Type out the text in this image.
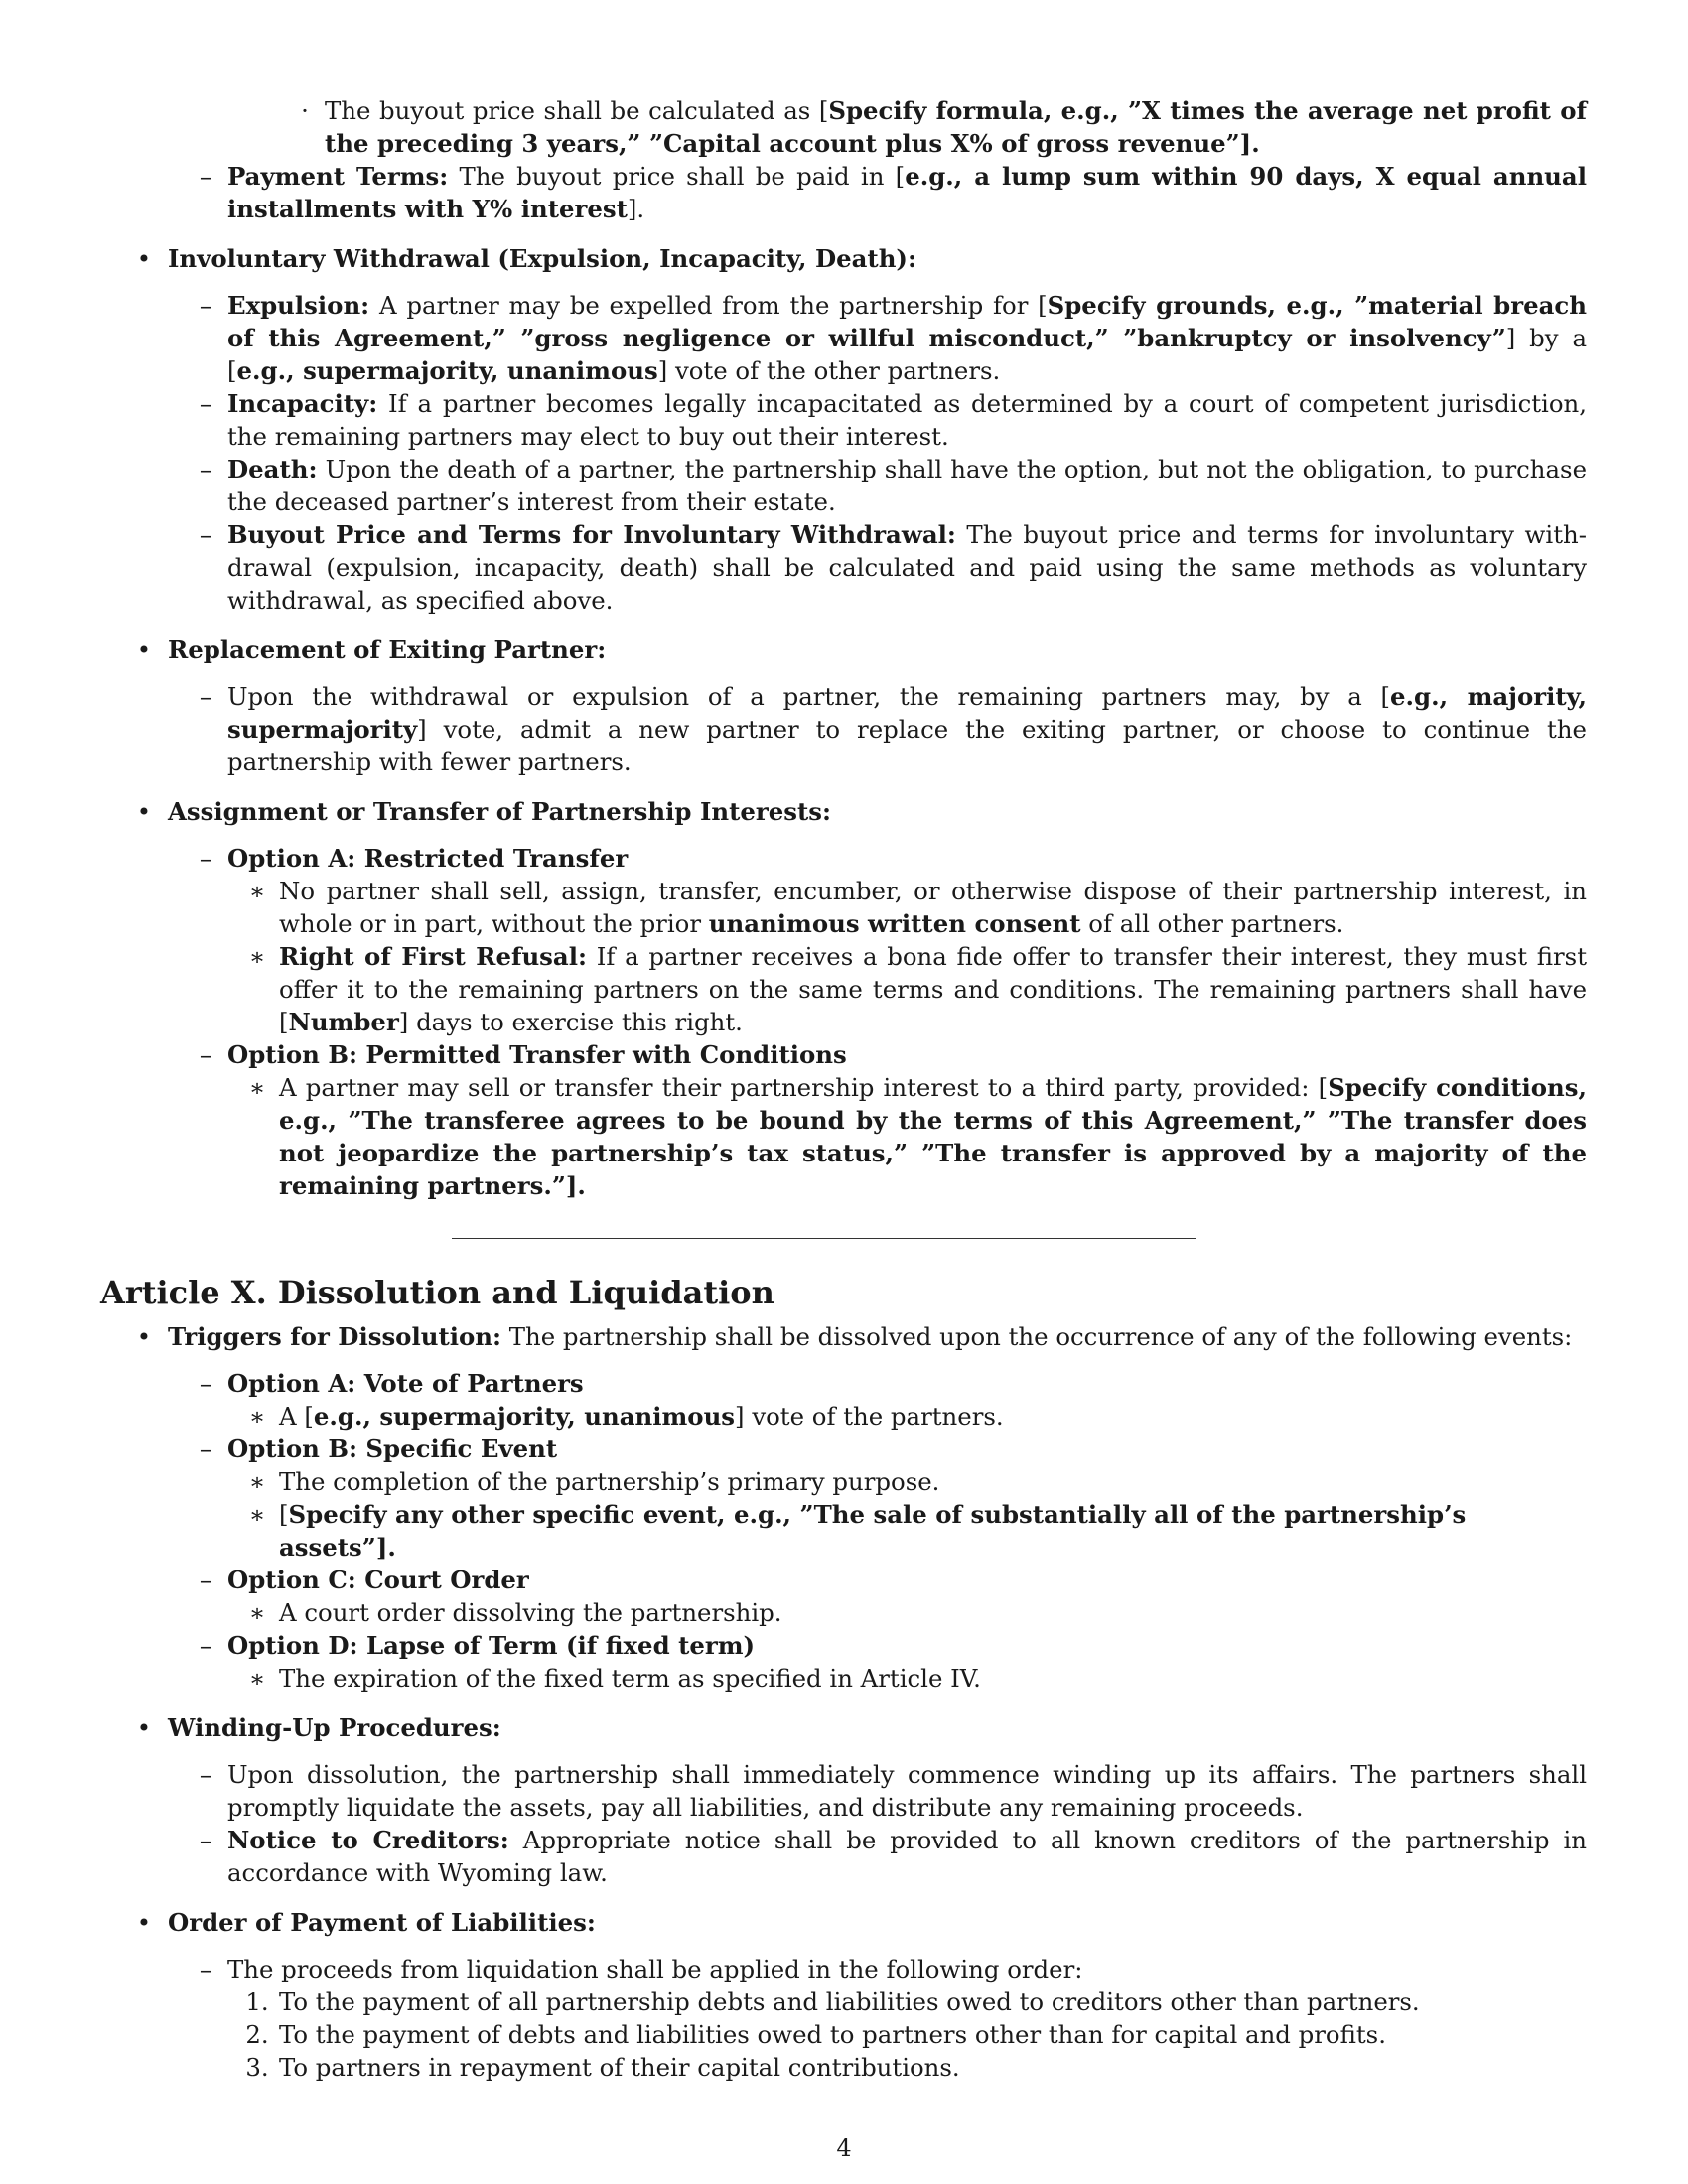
· The buyout price shall be calculated as [Specify formula, e.g., ”X times the average net profit of the preceding 3 years,” ”Capital account plus X% of gross revenue”].
– Payment Terms: The buyout price shall be paid in [e.g., a lump sum within 90 days, X equal annual installments with Y% interest].
• Involuntary Withdrawal (Expulsion, Incapacity, Death):
– Expulsion: A partner may be expelled from the partnership for [Specify grounds, e.g., ”material breach of this Agreement,” ”gross negligence or willful misconduct,” ”bankruptcy or insolvency”] by a [e.g., supermajority, unanimous] vote of the other partners.
– Incapacity: If a partner becomes legally incapacitated as determined by a court of competent jurisdiction, the remaining partners may elect to buy out their interest.
– Death: Upon the death of a partner, the partnership shall have the option, but not the obligation, to purchase the deceased partner’s interest from their estate.
– Buyout Price and Terms for Involuntary Withdrawal: The buyout price and terms for involuntary withdrawal (expulsion, incapacity, death) shall be calculated and paid using the same methods as voluntary withdrawal, as specified above.
• Replacement of Exiting Partner:
– Upon the withdrawal or expulsion of a partner, the remaining partners may, by a [e.g., majority, supermajority] vote, admit a new partner to replace the exiting partner, or choose to continue the partnership with fewer partners.
• Assignment or Transfer of Partnership Interests:
– Option A: Restricted Transfer
∗ No partner shall sell, assign, transfer, encumber, or otherwise dispose of their partnership interest, in whole or in part, without the prior unanimous written consent of all other partners.
∗ Right of First Refusal: If a partner receives a bona fide offer to transfer their interest, they must first offer it to the remaining partners on the same terms and conditions. The remaining partners shall have [Number] days to exercise this right.
– Option B: Permitted Transfer with Conditions
∗ A partner may sell or transfer their partnership interest to a third party, provided: [Specify conditions, e.g., ”The transferee agrees to be bound by the terms of this Agreement,” ”The transfer does not jeopardize the partnership’s tax status,” ”The transfer is approved by a majority of the remaining partners.”].
Article X. Dissolution and Liquidation
• Triggers for Dissolution: The partnership shall be dissolved upon the occurrence of any of the following events:
– Option A: Vote of Partners
∗ A [e.g., supermajority, unanimous] vote of the partners.
– Option B: Specific Event
∗ The completion of the partnership’s primary purpose.
∗ [Specify any other specific event, e.g., ”The sale of substantially all of the partnership’s assets”].
– Option C: Court Order
∗ A court order dissolving the partnership.
– Option D: Lapse of Term (if fixed term)
∗ The expiration of the fixed term as specified in Article IV.
• Winding-Up Procedures:
– Upon dissolution, the partnership shall immediately commence winding up its affairs. The partners shall promptly liquidate the assets, pay all liabilities, and distribute any remaining proceeds.
– Notice to Creditors: Appropriate notice shall be provided to all known creditors of the partnership in accordance with Wyoming law.
• Order of Payment of Liabilities:
– The proceeds from liquidation shall be applied in the following order:
1. To the payment of all partnership debts and liabilities owed to creditors other than partners.
2. To the payment of debts and liabilities owed to partners other than for capital and profits.
3. To partners in repayment of their capital contributions.
4
